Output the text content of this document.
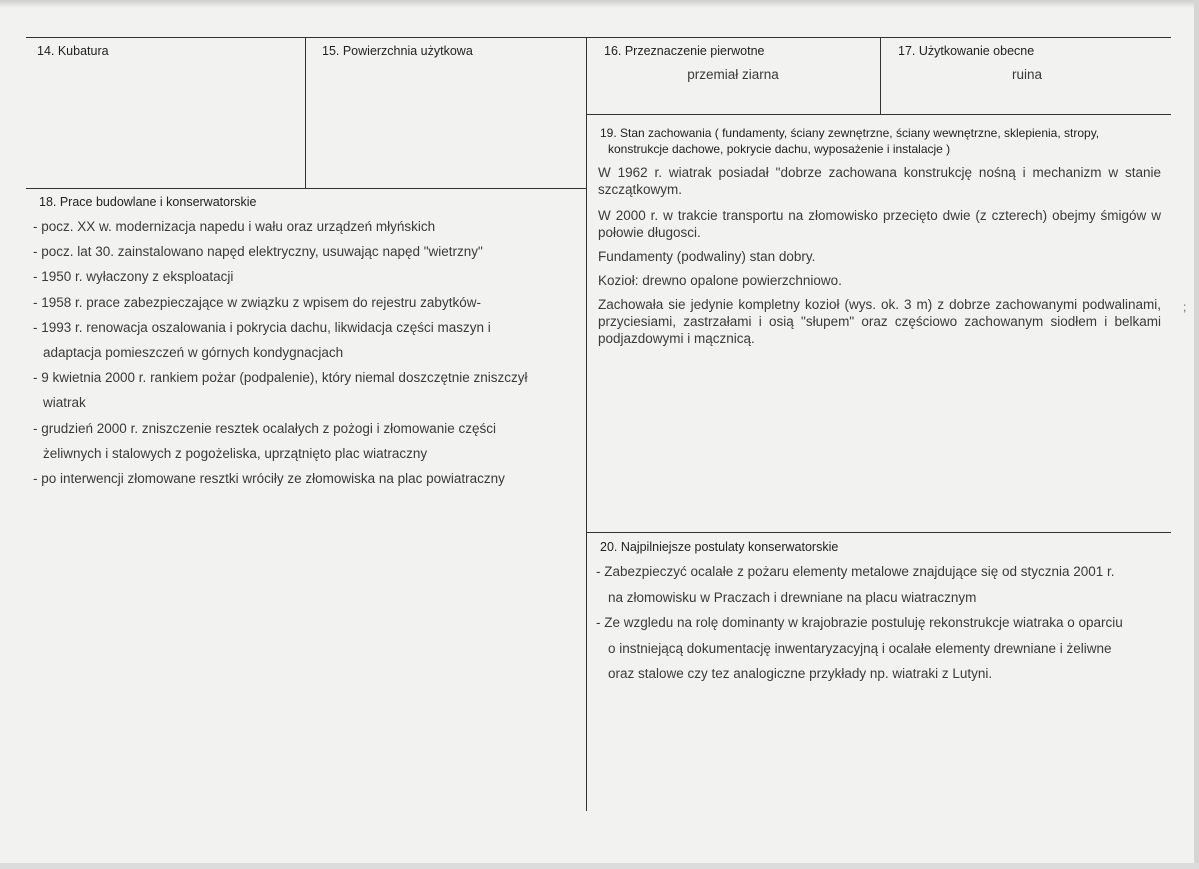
14. Kubatura	15. Powierzchnia użytkowa	16. Przeznaczenie pierwotne
przemiał ziarna
17. Użytkowanie obecne
ruina
18. Prace budowlane i konserwatorskie
- pocz. XX w. modernizacja napedu i wału oraz urządzeń młyńskich
- pocz. lat 30. zainstalowano napęd elektryczny, usuwając napęd "wietrzny"
- 1950 r. wyłaczony z eksploatacji
- 1958 r. prace zabezpieczające w związku z wpisem do rejestru zabytków-
- 1993 r. renowacja oszalowania i pokrycia dachu, likwidacja części maszyn i
adaptacja pomieszczeń w górnych kondygnacjach
- 9 kwietnia 2000 r. rankiem pożar (podpalenie), który niemal doszczętnie zniszczył
wiatrak
- grudzień 2000 r. zniszczenie resztek ocalałych z pożogi i złomowanie części
żeliwnych i stalowych z pogożeliska, uprzątnięto plac wiatraczny
- po interwencji złomowane resztki wróciły ze złomowiska na plac powiatraczny
19. Stan zachowania ( fundamenty, ściany zewnętrzne, ściany wewnętrzne, sklepienia, stropy,
konstrukcje dachowe, pokrycie dachu, wyposażenie i instalacje )

W 1962 r. wiatrak posiadał "dobrze zachowana konstrukcję nośną i mechanizm w stanie szczątkowym.

W 2000 r. w trakcie transportu na złomowisko przecięto dwie (z czterech) obejmy śmigów w połowie długosci.

Fundamenty (podwaliny) stan dobry.

Kozioł: drewno opalone powierzchniowo.

Zachowała sie jedynie kompletny kozioł (wys. ok. 3 m) z dobrze zachowanymi podwalinami, przyciesiami, zastrzałami i osią "słupem" oraz częściowo zachowanym siodłem i belkami podjazdowymi i mącznicą.

20. Najpilniejsze postulaty konserwatorskie
- Zabezpieczyć ocalałe z pożaru elementy metalowe znajdujące się od stycznia 2001 r.
na złomowisku w Praczach i drewniane na placu wiatracznym
- Ze wzgledu na rolę dominanty w krajobrazie postuluję rekonstrukcje wiatraka o oparciu
o instniejącą dokumentację inwentaryzacyjną i ocalałe elementy drewniane i żeliwne
oraz stalowe czy tez analogiczne przykłady np. wiatraki z Lutyni.
;
